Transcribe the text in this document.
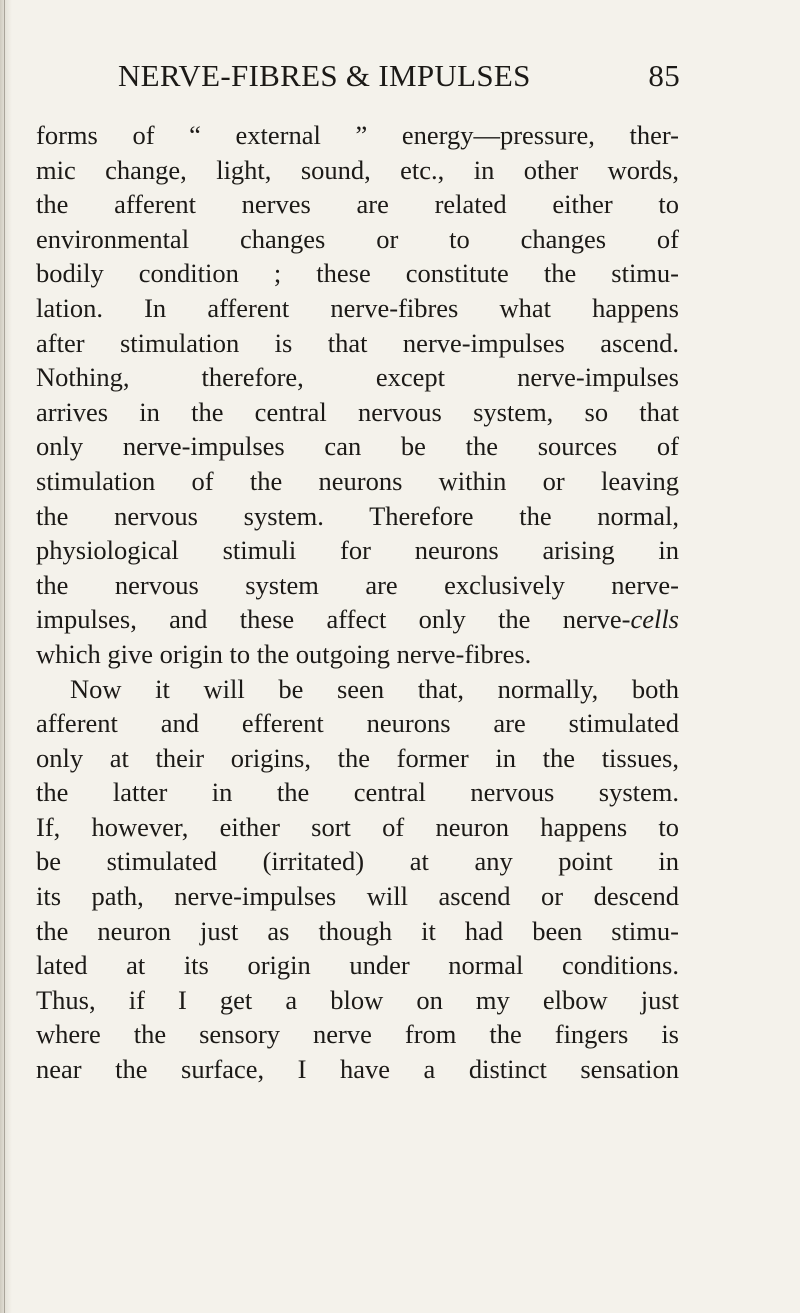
NERVE-FIBRES & IMPULSES	85
forms of “ external ” energy—pressure, ther-
mic change, light, sound, etc., in other words,
the afferent nerves are related either to
environmental changes or to changes of
bodily condition ; these constitute the stimu-
lation. In afferent nerve-fibres what happens
after stimulation is that nerve-impulses ascend.
Nothing, therefore, except nerve-impulses
arrives in the central nervous system, so that
only nerve-impulses can be the sources of
stimulation of the neurons within or leaving
the nervous system. Therefore the normal,
physiological stimuli for neurons arising in
the nervous system are exclusively nerve-
impulses, and these affect only the nerve-cells
which give origin to the outgoing nerve-fibres.
Now it will be seen that, normally, both
afferent and efferent neurons are stimulated
only at their origins, the former in the tissues,
the latter in the central nervous system.
If, however, either sort of neuron happens to
be stimulated (irritated) at any point in
its path, nerve-impulses will ascend or descend
the neuron just as though it had been stimu-
lated at its origin under normal conditions.
Thus, if I get a blow on my elbow just
where the sensory nerve from the fingers is
near the surface, I have a distinct sensation
